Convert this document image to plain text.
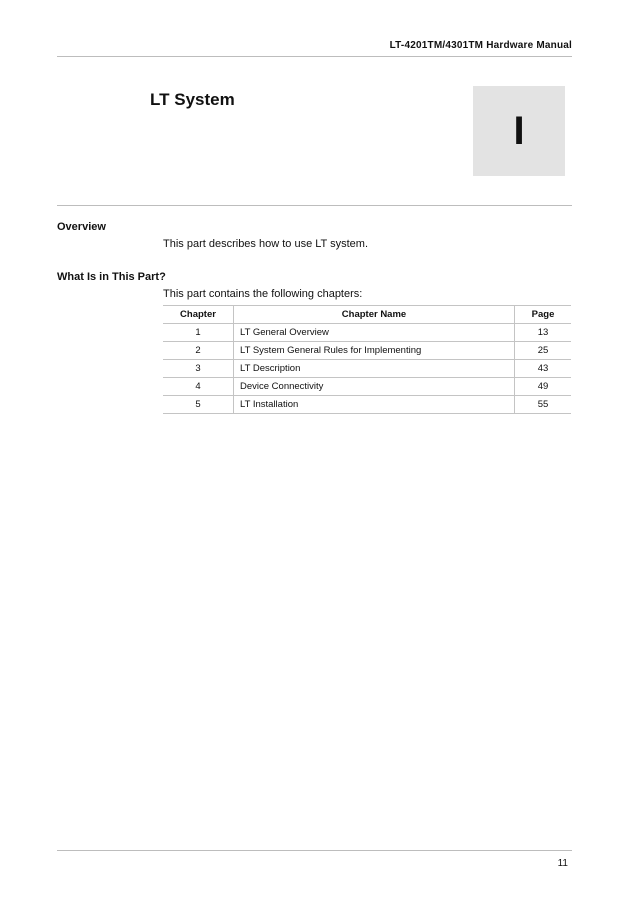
LT-4201TM/4301TM Hardware Manual
LT System
I
Overview
This part describes how to use LT system.
What Is in This Part?
This part contains the following chapters:
Chapter	Chapter Name	Page
1	LT General Overview	13
2	LT System General Rules for Implementing	25
3	LT Description	43
4	Device Connectivity	49
5	LT Installation	55
11
